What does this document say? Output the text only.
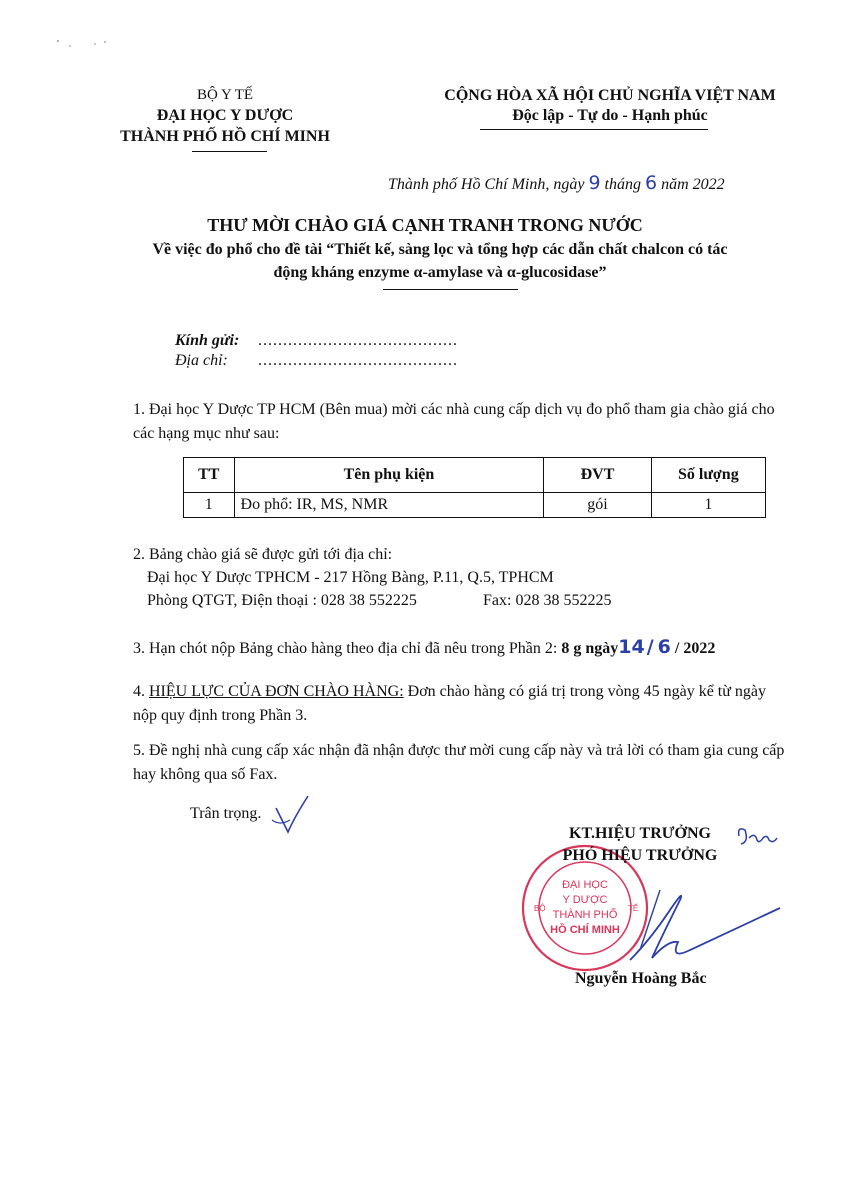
BỘ Y TẾ
ĐẠI HỌC Y DƯỢC
THÀNH PHỐ HỒ CHÍ MINH
CỘNG HÒA XÃ HỘI CHỦ NGHĨA VIỆT NAM
Độc lập - Tự do - Hạnh phúc
Thành phố Hồ Chí Minh, ngày 9 tháng 6 năm 2022
THƯ MỜI CHÀO GIÁ CẠNH TRANH TRONG NƯỚC
Về việc đo phổ cho đề tài “Thiết kế, sàng lọc và tổng hợp các dẫn chất chalcon có tác
động kháng enzyme α-amylase và α-glucosidase”
Kính gửi: ........................................
Địa chỉ: ........................................
1. Đại học Y Dược TP HCM (Bên mua) mời các nhà cung cấp dịch vụ đo phổ tham gia chào giá cho các hạng mục như sau:
TT	Tên phụ kiện	ĐVT	Số lượng
1	Đo phổ: IR, MS, NMR	gói	1
2. Bảng chào giá sẽ được gửi tới địa chỉ:
Đại học Y Dược TPHCM - 217 Hồng Bàng, P.11, Q.5, TPHCM
Phòng QTGT, Điện thoại : 028 38 552225	Fax: 028 38 552225
3. Hạn chót nộp Bảng chào hàng theo địa chỉ đã nêu trong Phần 2: 8 g ngày14 / 6 / 2022
4. HIỆU LỰC CỦA ĐƠN CHÀO HÀNG: Đơn chào hàng có giá trị trong vòng 45 ngày kể từ ngày nộp quy định trong Phần 3.
5. Đề nghị nhà cung cấp xác nhận đã nhận được thư mời cung cấp này và trả lời có tham gia cung cấp hay không qua số Fax.
Trân trọng.
ĐẠI HỌC
Y DƯỢC
THÀNH PHỐ
HỒ CHÍ MINH
BỘ	TẾ
KT.HIỆU TRƯỞNG
PHÓ HIỆU TRƯỞNG
Nguyễn Hoàng Bắc
